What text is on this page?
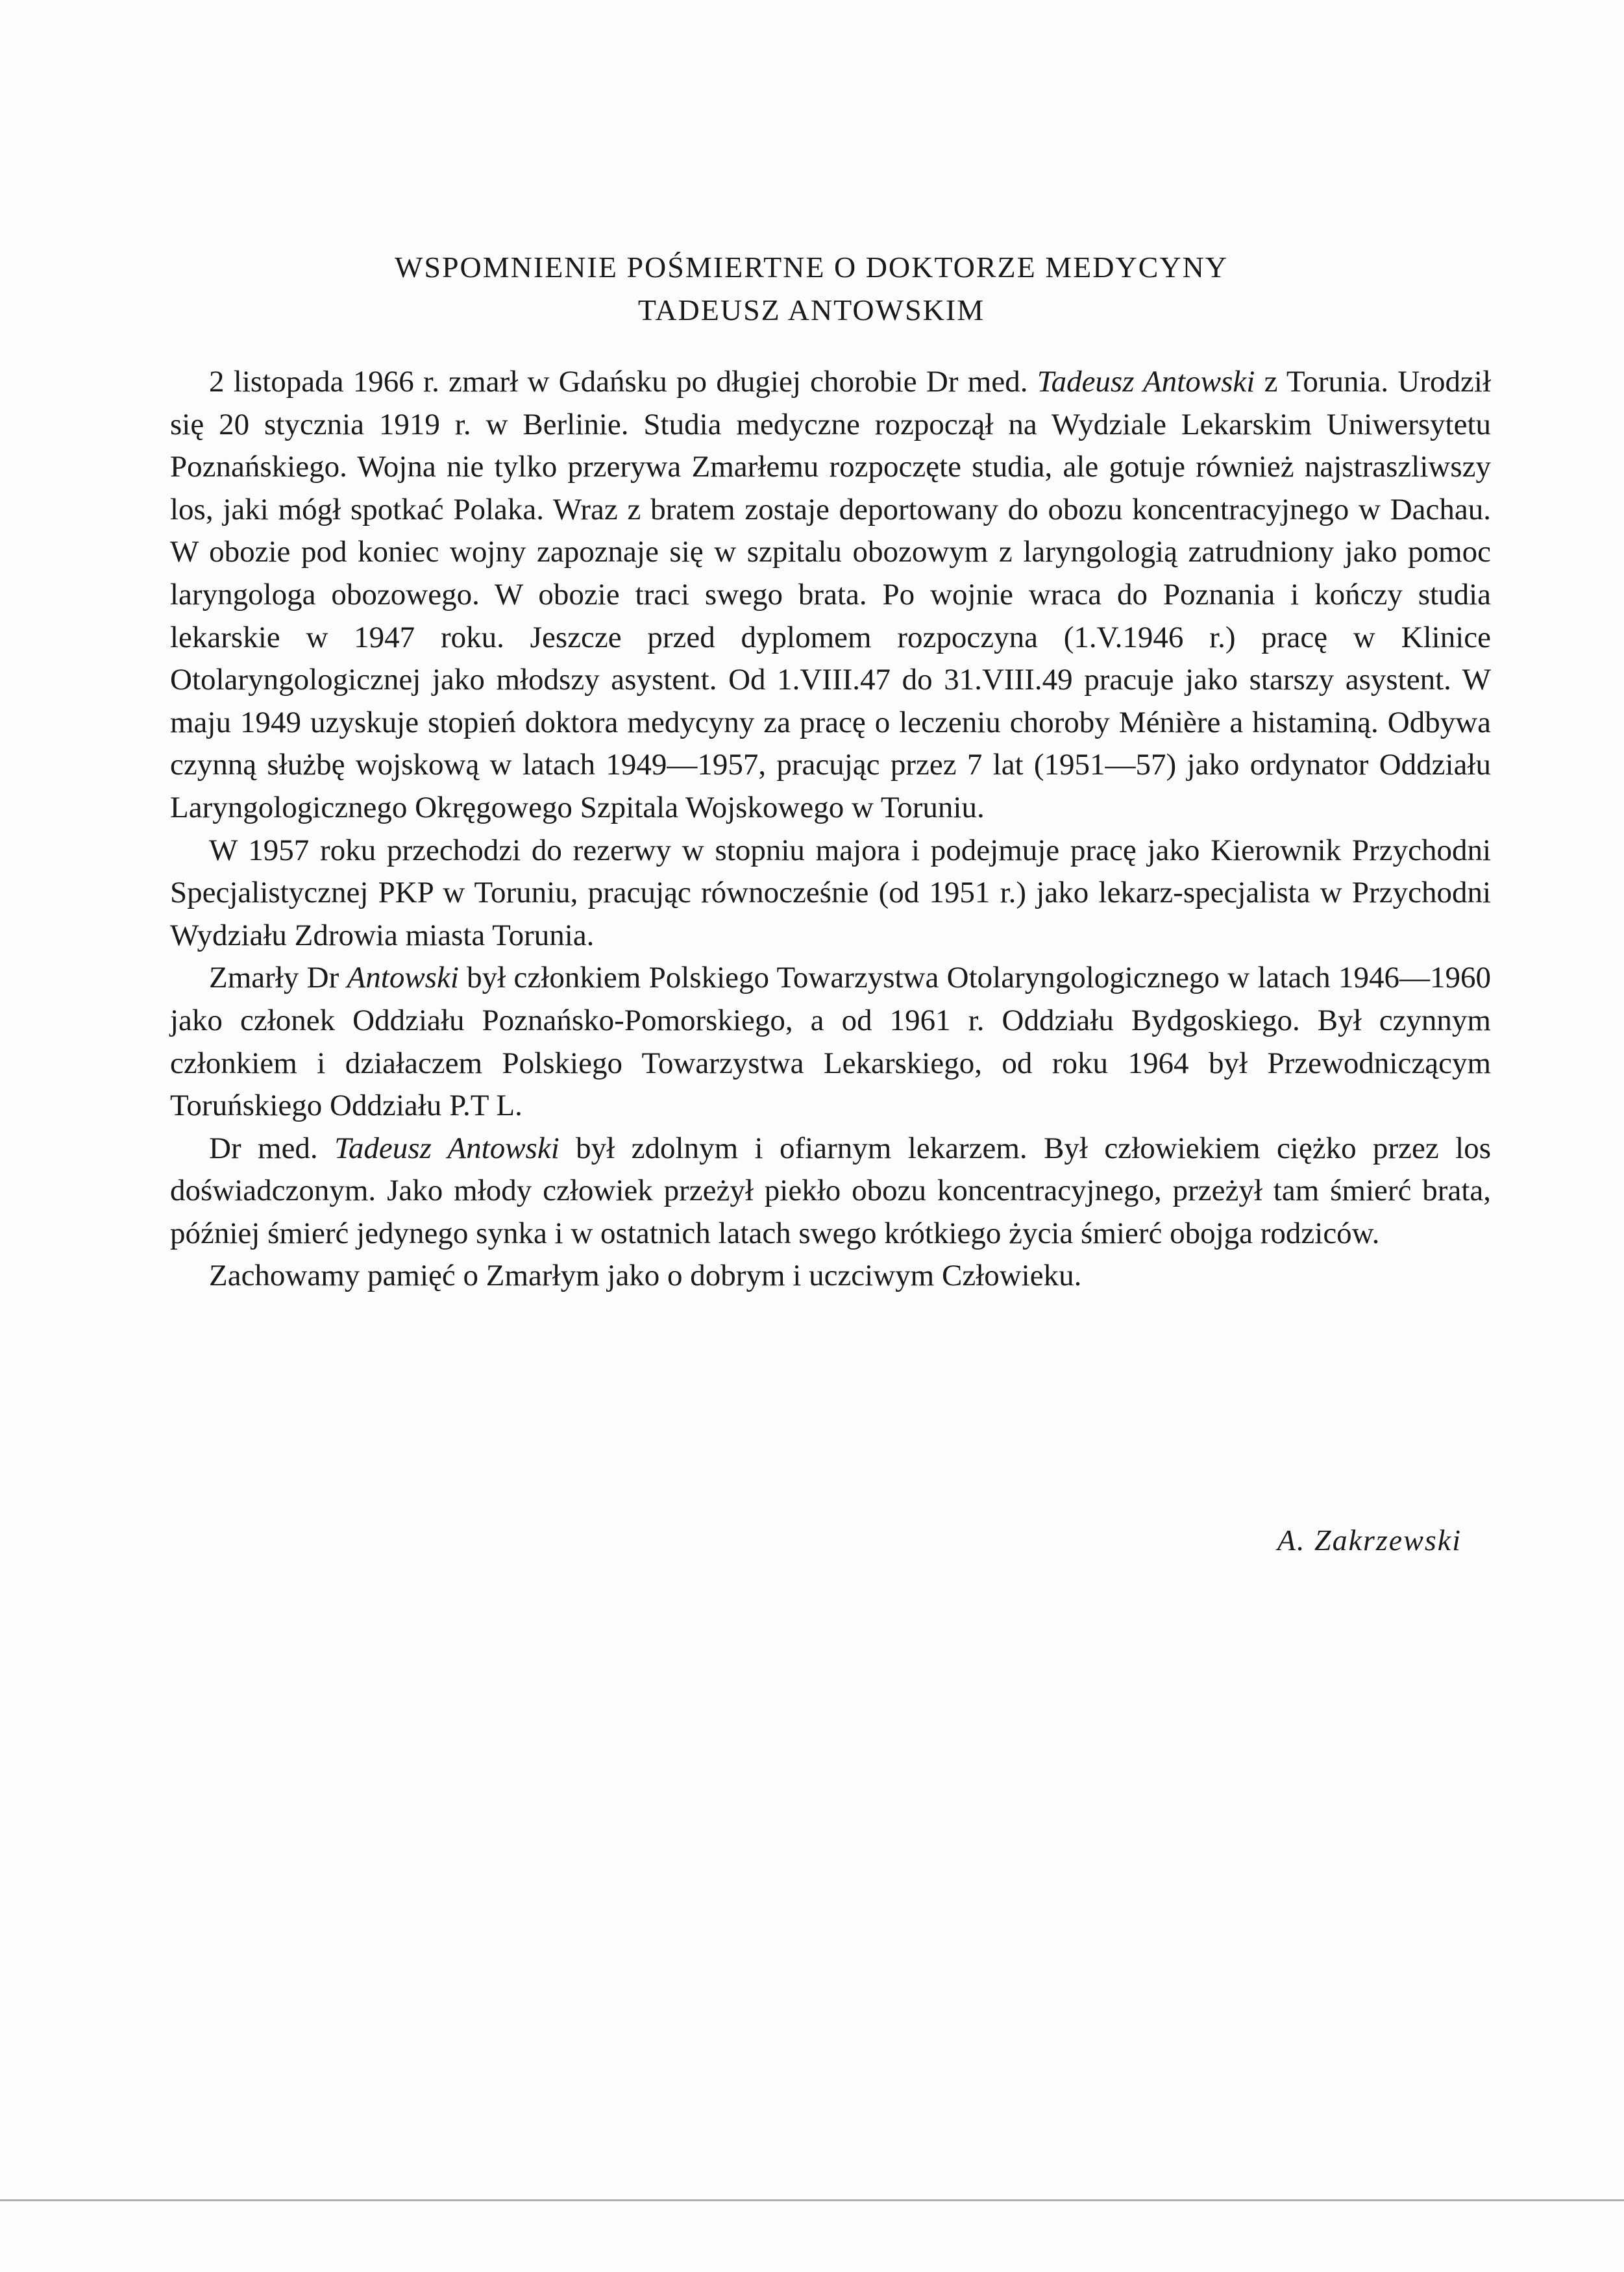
WSPOMNIENIE POŚMIERTNE O DOKTORZE MEDYCYNY
TADEUSZ ANTOWSKIM

2 listopada 1966 r. zmarł w Gdańsku po długiej chorobie Dr med. Tadeusz Antowski z Torunia. Urodził się 20 stycznia 1919 r. w Berlinie. Studia medyczne rozpoczął na Wydziale Lekarskim Uniwersytetu Poznańskiego. Wojna nie tylko przerywa Zmarłemu rozpoczęte studia, ale gotuje również najstraszliwszy los, jaki mógł spotkać Polaka. Wraz z bratem zostaje deportowany do obozu koncentracyjnego w Dachau. W obozie pod koniec wojny zapoznaje się w szpitalu obozowym z laryngologią zatrudniony jako pomoc laryngologa obozowego. W obozie traci swego brata. Po wojnie wraca do Poznania i kończy studia lekarskie w 1947 roku. Jeszcze przed dyplomem rozpoczyna (1.V.1946 r.) pracę w Klinice Otolaryngologicznej jako młodszy asystent. Od 1.VIII.47 do 31.VIII.49 pracuje jako starszy asystent. W maju 1949 uzyskuje stopień doktora medycyny za pracę o leczeniu choroby Ménière a histaminą. Odbywa czynną służbę wojskową w latach 1949—1957, pracując przez 7 lat (1951—57) jako ordynator Oddziału Laryngologicznego Okręgowego Szpitala Wojskowego w Toruniu.

W 1957 roku przechodzi do rezerwy w stopniu majora i podejmuje pracę jako Kierownik Przychodni Specjalistycznej PKP w Toruniu, pracując równocześnie (od 1951 r.) jako lekarz-specjalista w Przychodni Wydziału Zdrowia miasta Torunia.

Zmarły Dr Antowski był członkiem Polskiego Towarzystwa Otolaryngologicznego w latach 1946—1960 jako członek Oddziału Poznańsko-Pomorskiego, a od 1961 r. Oddziału Bydgoskiego. Był czynnym członkiem i działaczem Polskiego Towarzystwa Lekarskiego, od roku 1964 był Przewodniczącym Toruńskiego Oddziału P.T L.

Dr med. Tadeusz Antowski był zdolnym i ofiarnym lekarzem. Był człowiekiem ciężko przez los doświadczonym. Jako młody człowiek przeżył piekło obozu koncentracyjnego, przeżył tam śmierć brata, później śmierć jedynego synka i w ostatnich latach swego krótkiego życia śmierć obojga rodziców.

Zachowamy pamięć o Zmarłym jako o dobrym i uczciwym Człowieku.

A. Zakrzewski
